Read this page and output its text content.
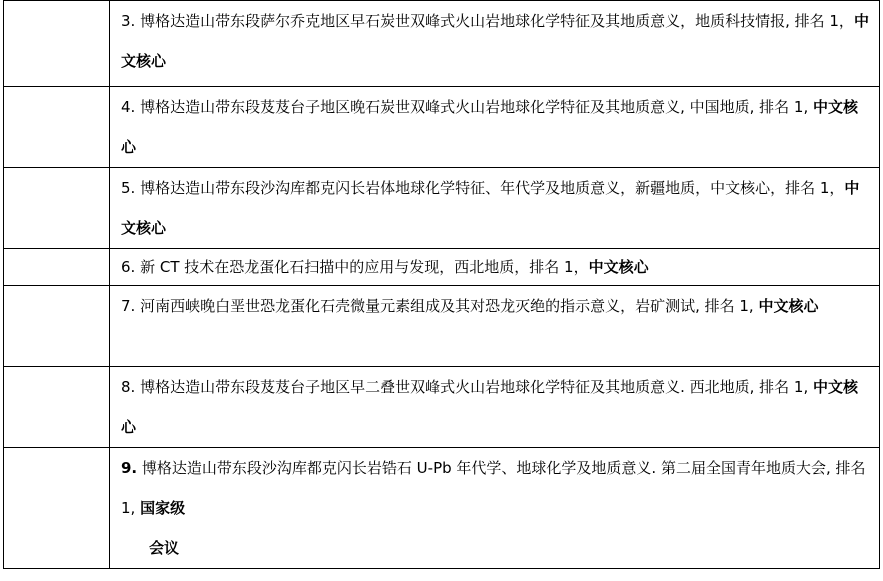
	3. 博格达造山带东段萨尔乔克地区早石炭世双峰式火山岩地球化学特征及其地质意义，地质科技情报, 排名 1，中文核心
	4. 博格达造山带东段芨芨台子地区晚石炭世双峰式火山岩地球化学特征及其地质意义, 中国地质, 排名 1, 中文核心
	5. 博格达造山带东段沙沟库都克闪长岩体地球化学特征、年代学及地质意义，新疆地质，中文核心，排名 1，中文核心
	6. 新 CT 技术在恐龙蛋化石扫描中的应用与发现，西北地质，排名 1，中文核心
	7. 河南西峡晚白垩世恐龙蛋化石壳微量元素组成及其对恐龙灭绝的指示意义，岩矿测试, 排名 1, 中文核心
	8. 博格达造山带东段芨芨台子地区早二叠世双峰式火山岩地球化学特征及其地质意义. 西北地质, 排名 1, 中文核心
	9. 博格达造山带东段沙沟库都克闪长岩锆石 U-Pb 年代学、地球化学及地质意义. 第二届全国青年地质大会, 排名 1, 国家级
会议
